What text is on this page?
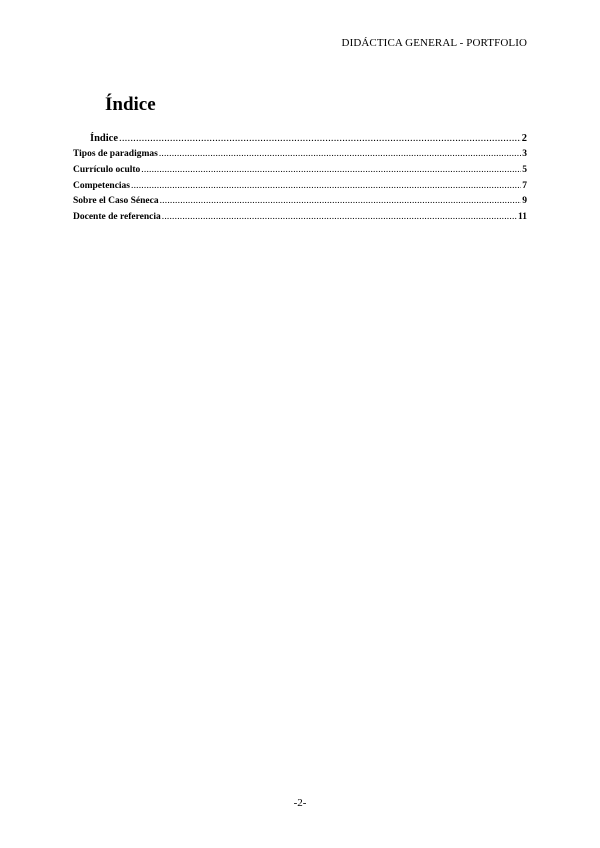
DIDÁCTICA GENERAL - PORTFOLIO
Índice
Índice .....	2
Tipos de paradigmas .....	3
Currículo oculto .....	5
Competencias .....	7
Sobre el Caso Séneca .....	9
Docente de referencia .....	11
-2-
